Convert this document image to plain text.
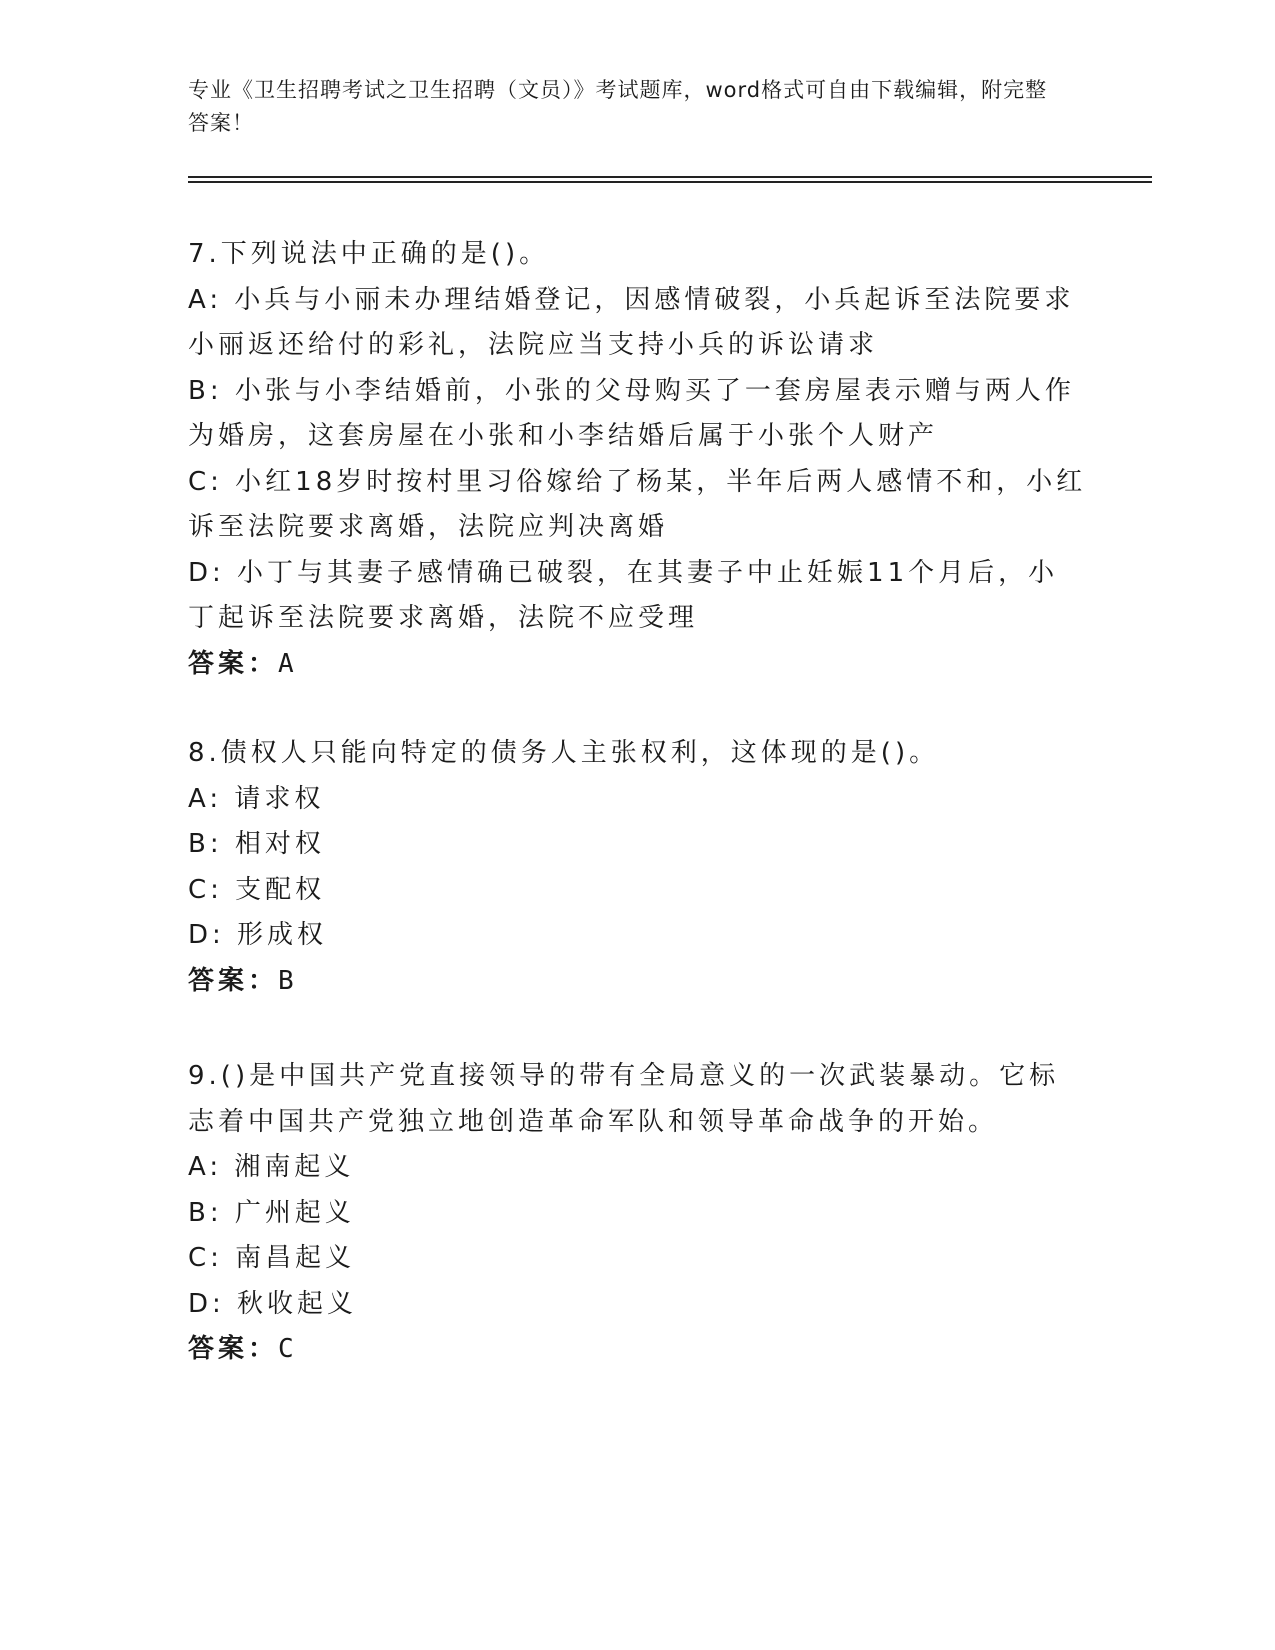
专业《卫生招聘考试之卫生招聘（文员）》考试题库，word格式可自由下载编辑，附完整答案！

7.下列说法中正确的是()。

A: 小兵与小丽未办理结婚登记，因感情破裂，小兵起诉至法院要求小丽返还给付的彩礼，法院应当支持小兵的诉讼请求

B: 小张与小李结婚前，小张的父母购买了一套房屋表示赠与两人作为婚房，这套房屋在小张和小李结婚后属于小张个人财产

C: 小红18岁时按村里习俗嫁给了杨某，半年后两人感情不和，小红诉至法院要求离婚，法院应判决离婚

D: 小丁与其妻子感情确已破裂，在其妻子中止妊娠11个月后，小丁起诉至法院要求离婚，法院不应受理

答案：A

8.债权人只能向特定的债务人主张权利，这体现的是()。

A: 请求权

B: 相对权

C: 支配权

D: 形成权

答案：B

9.()是中国共产党直接领导的带有全局意义的一次武装暴动。它标志着中国共产党独立地创造革命军队和领导革命战争的开始。

A: 湘南起义

B: 广州起义

C: 南昌起义

D: 秋收起义

答案：C
